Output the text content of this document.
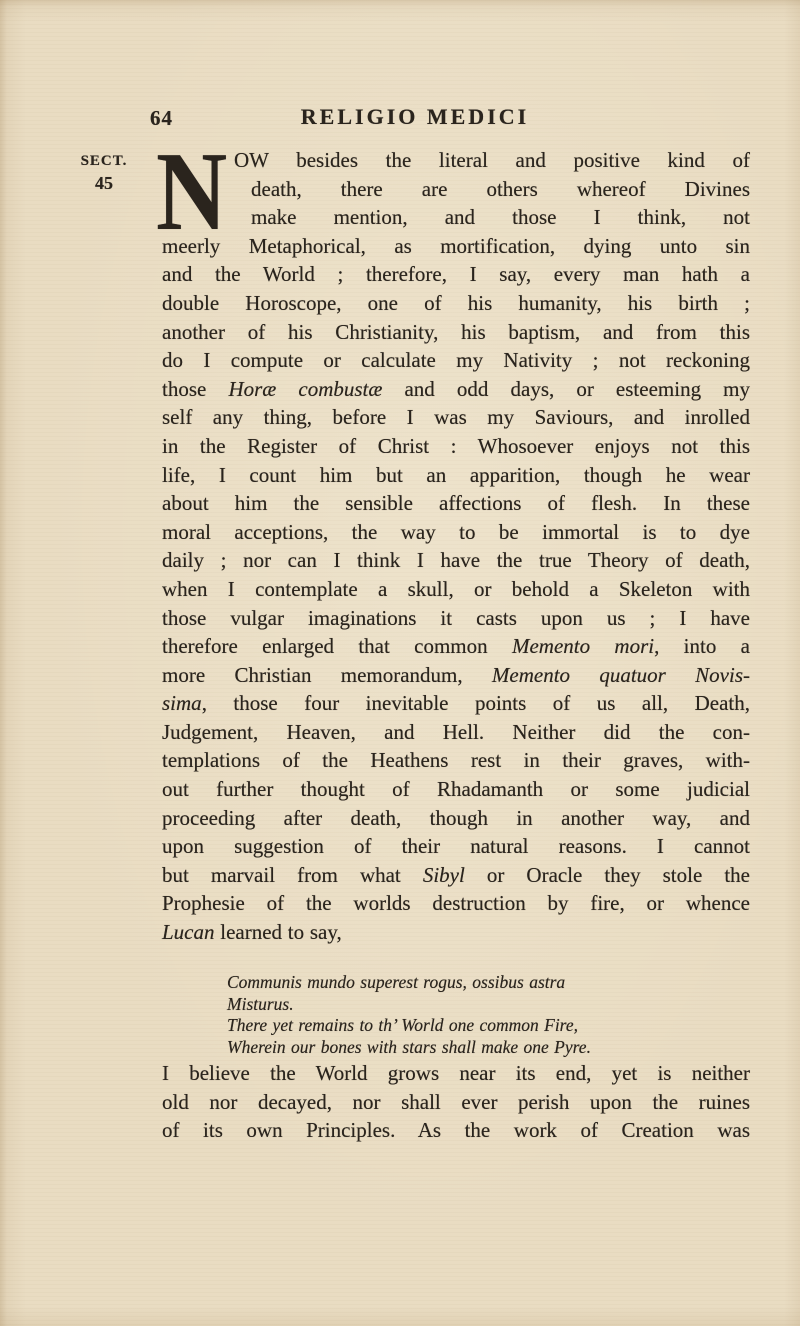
64	RELIGIO MEDICI
SECT.
45 N OW besides the literal and positive kind of
death, there are others whereof Divines
make mention, and those I think, not
meerly Metaphorical, as mortification, dying unto sin
and the World ; therefore, I say, every man hath a
double Horoscope, one of his humanity, his birth ;
another of his Christianity, his baptism, and from this
do I compute or calculate my Nativity ; not reckoning
those Horæ combustæ and odd days, or esteeming my
self any thing, before I was my Saviours, and inrolled
in the Register of Christ : Whosoever enjoys not this
life, I count him but an apparition, though he wear
about him the sensible affections of flesh. In these
moral acceptions, the way to be immortal is to dye
daily ; nor can I think I have the true Theory of death,
when I contemplate a skull, or behold a Skeleton with
those vulgar imaginations it casts upon us ; I have
therefore enlarged that common Memento mori, into a
more Christian memorandum, Memento quatuor Novis-
sima, those four inevitable points of us all, Death,
Judgement, Heaven, and Hell. Neither did the con-
templations of the Heathens rest in their graves, with-
out further thought of Rhadamanth or some judicial
proceeding after death, though in another way, and
upon suggestion of their natural reasons. I cannot
but marvail from what Sibyl or Oracle they stole the
Prophesie of the worlds destruction by fire, or whence
Lucan learned to say,
Communis mundo superest rogus, ossibus astra
Misturus.
There yet remains to th’ World one common Fire,
Wherein our bones with stars shall make one Pyre.
I believe the World grows near its end, yet is neither
old nor decayed, nor shall ever perish upon the ruines
of its own Principles. As the work of Creation was
